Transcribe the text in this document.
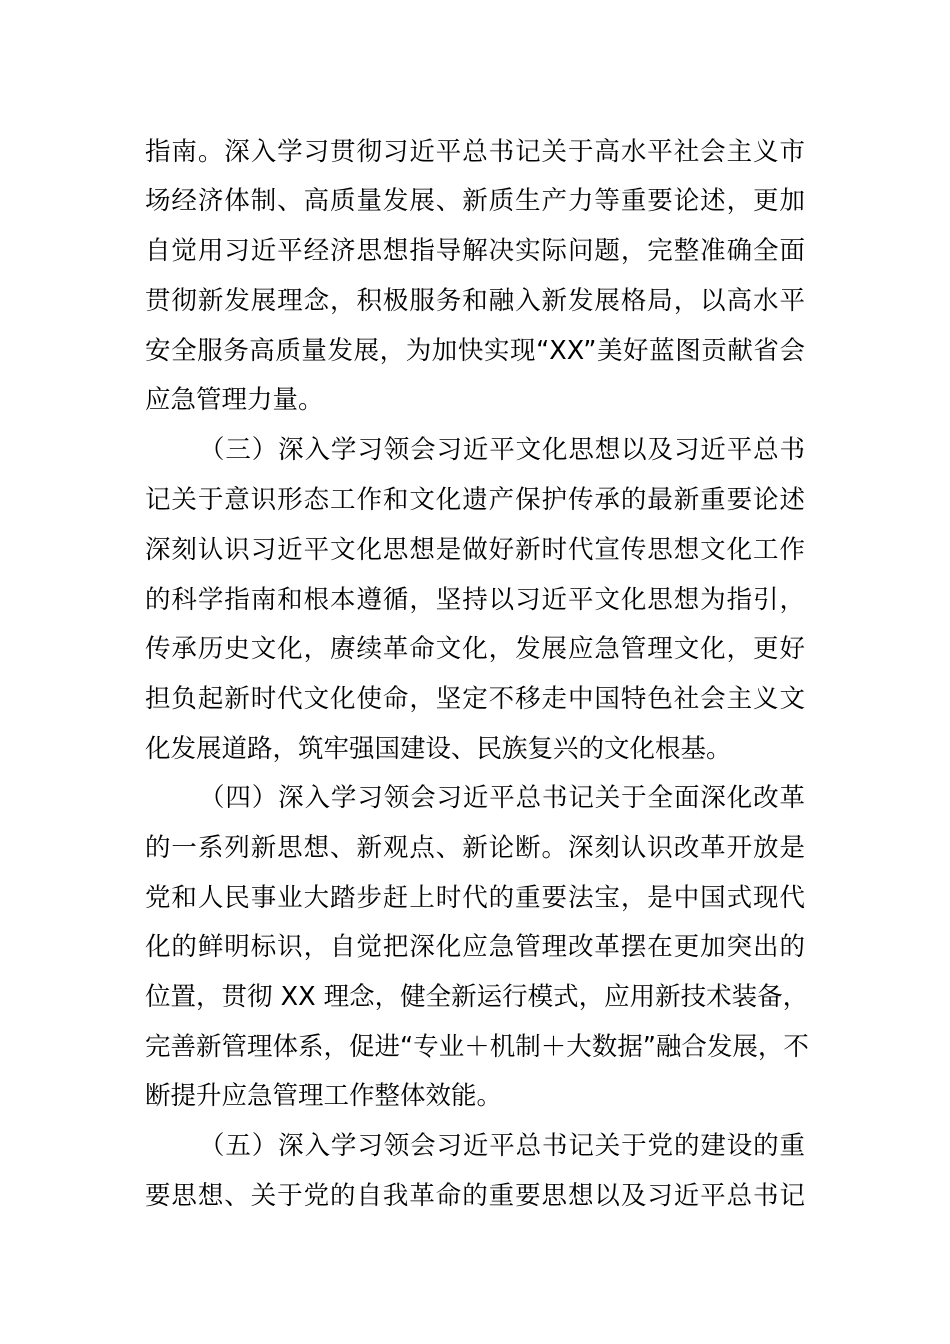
指南。深入学习贯彻习近平总书记关于高水平社会主义市
场经济体制、高质量发展、新质生产力等重要论述，更加
自觉用习近平经济思想指导解决实际问题，完整准确全面
贯彻新发展理念，积极服务和融入新发展格局，以高水平
安全服务高质量发展，为加快实现“XX”美好蓝图贡献省会
应急管理力量。
（三）深入学习领会习近平文化思想以及习近平总书
记关于意识形态工作和文化遗产保护传承的最新重要论述
深刻认识习近平文化思想是做好新时代宣传思想文化工作
的科学指南和根本遵循，坚持以习近平文化思想为指引，
传承历史文化，赓续革命文化，发展应急管理文化，更好
担负起新时代文化使命，坚定不移走中国特色社会主义文
化发展道路，筑牢强国建设、民族复兴的文化根基。
（四）深入学习领会习近平总书记关于全面深化改革
的一系列新思想、新观点、新论断。深刻认识改革开放是
党和人民事业大踏步赶上时代的重要法宝，是中国式现代
化的鲜明标识，自觉把深化应急管理改革摆在更加突出的
位置，贯彻 XX 理念，健全新运行模式，应用新技术装备，
完善新管理体系，促进“专业＋机制＋大数据”融合发展，不
断提升应急管理工作整体效能。
（五）深入学习领会习近平总书记关于党的建设的重
要思想、关于党的自我革命的重要思想以及习近平总书记
